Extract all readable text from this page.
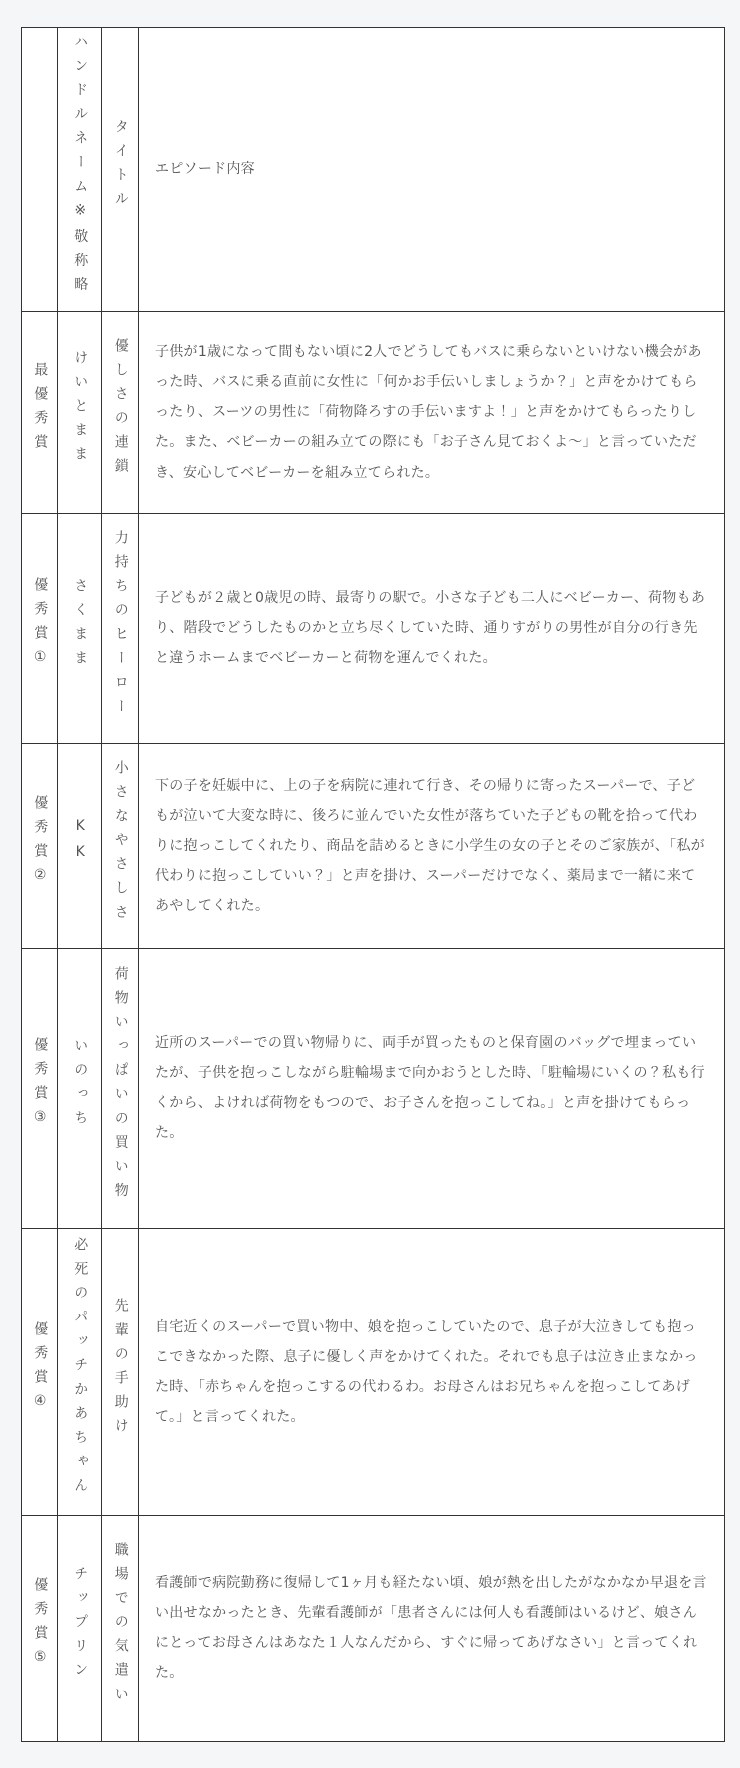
	ハンドルネーム※敬称略	タイトル	エピソード内容
最優秀賞	けいとまま	優しさの連鎖	子供が1歳になって間もない頃に2人でどうしてもバスに乗らないといけない機会があった時、バスに乗る直前に女性に「何かお手伝いしましょうか？」と声をかけてもらったり、スーツの男性に「荷物降ろすの手伝いますよ！」と声をかけてもらったりした。また、ベビーカーの組み立ての際にも「お子さん見ておくよ〜」と言っていただき、安心してベビーカーを組み立てられた。
優秀賞①	さくまま	力持ちのヒーロー	子どもが２歳と0歳児の時、最寄りの駅で。小さな子ども二人にベビーカー、荷物もあり、階段でどうしたものかと立ち尽くしていた時、通りすがりの男性が自分の行き先と違うホームまでベビーカーと荷物を運んでくれた。
優秀賞②	KK	小さなやさしさ	下の子を妊娠中に、上の子を病院に連れて行き、その帰りに寄ったスーパーで、子どもが泣いて大変な時に、後ろに並んでいた女性が落ちていた子どもの靴を拾って代わりに抱っこしてくれたり、商品を詰めるときに小学生の女の子とそのご家族が、「私が代わりに抱っこしていい？」と声を掛け、スーパーだけでなく、薬局まで一緒に来てあやしてくれた。
優秀賞③	いのっち	荷物いっぱいの買い物	近所のスーパーでの買い物帰りに、両手が買ったものと保育園のバッグで埋まっていたが、子供を抱っこしながら駐輪場まで向かおうとした時、「駐輪場にいくの？私も行くから、よければ荷物をもつので、お子さんを抱っこしてね。」と声を掛けてもらった。
優秀賞④	必死のパッチかあちゃん	先輩の手助け	自宅近くのスーパーで買い物中、娘を抱っこしていたので、息子が大泣きしても抱っこできなかった際、息子に優しく声をかけてくれた。それでも息子は泣き止まなかった時、「赤ちゃんを抱っこするの代わるわ。お母さんはお兄ちゃんを抱っこしてあげて。」と言ってくれた。
優秀賞⑤	チップリン	職場での気遣い	看護師で病院勤務に復帰して1ヶ月も経たない頃、娘が熱を出したがなかなか早退を言い出せなかったとき、先輩看護師が「患者さんには何人も看護師はいるけど、娘さんにとってお母さんはあなた１人なんだから、すぐに帰ってあげなさい」と言ってくれた。
